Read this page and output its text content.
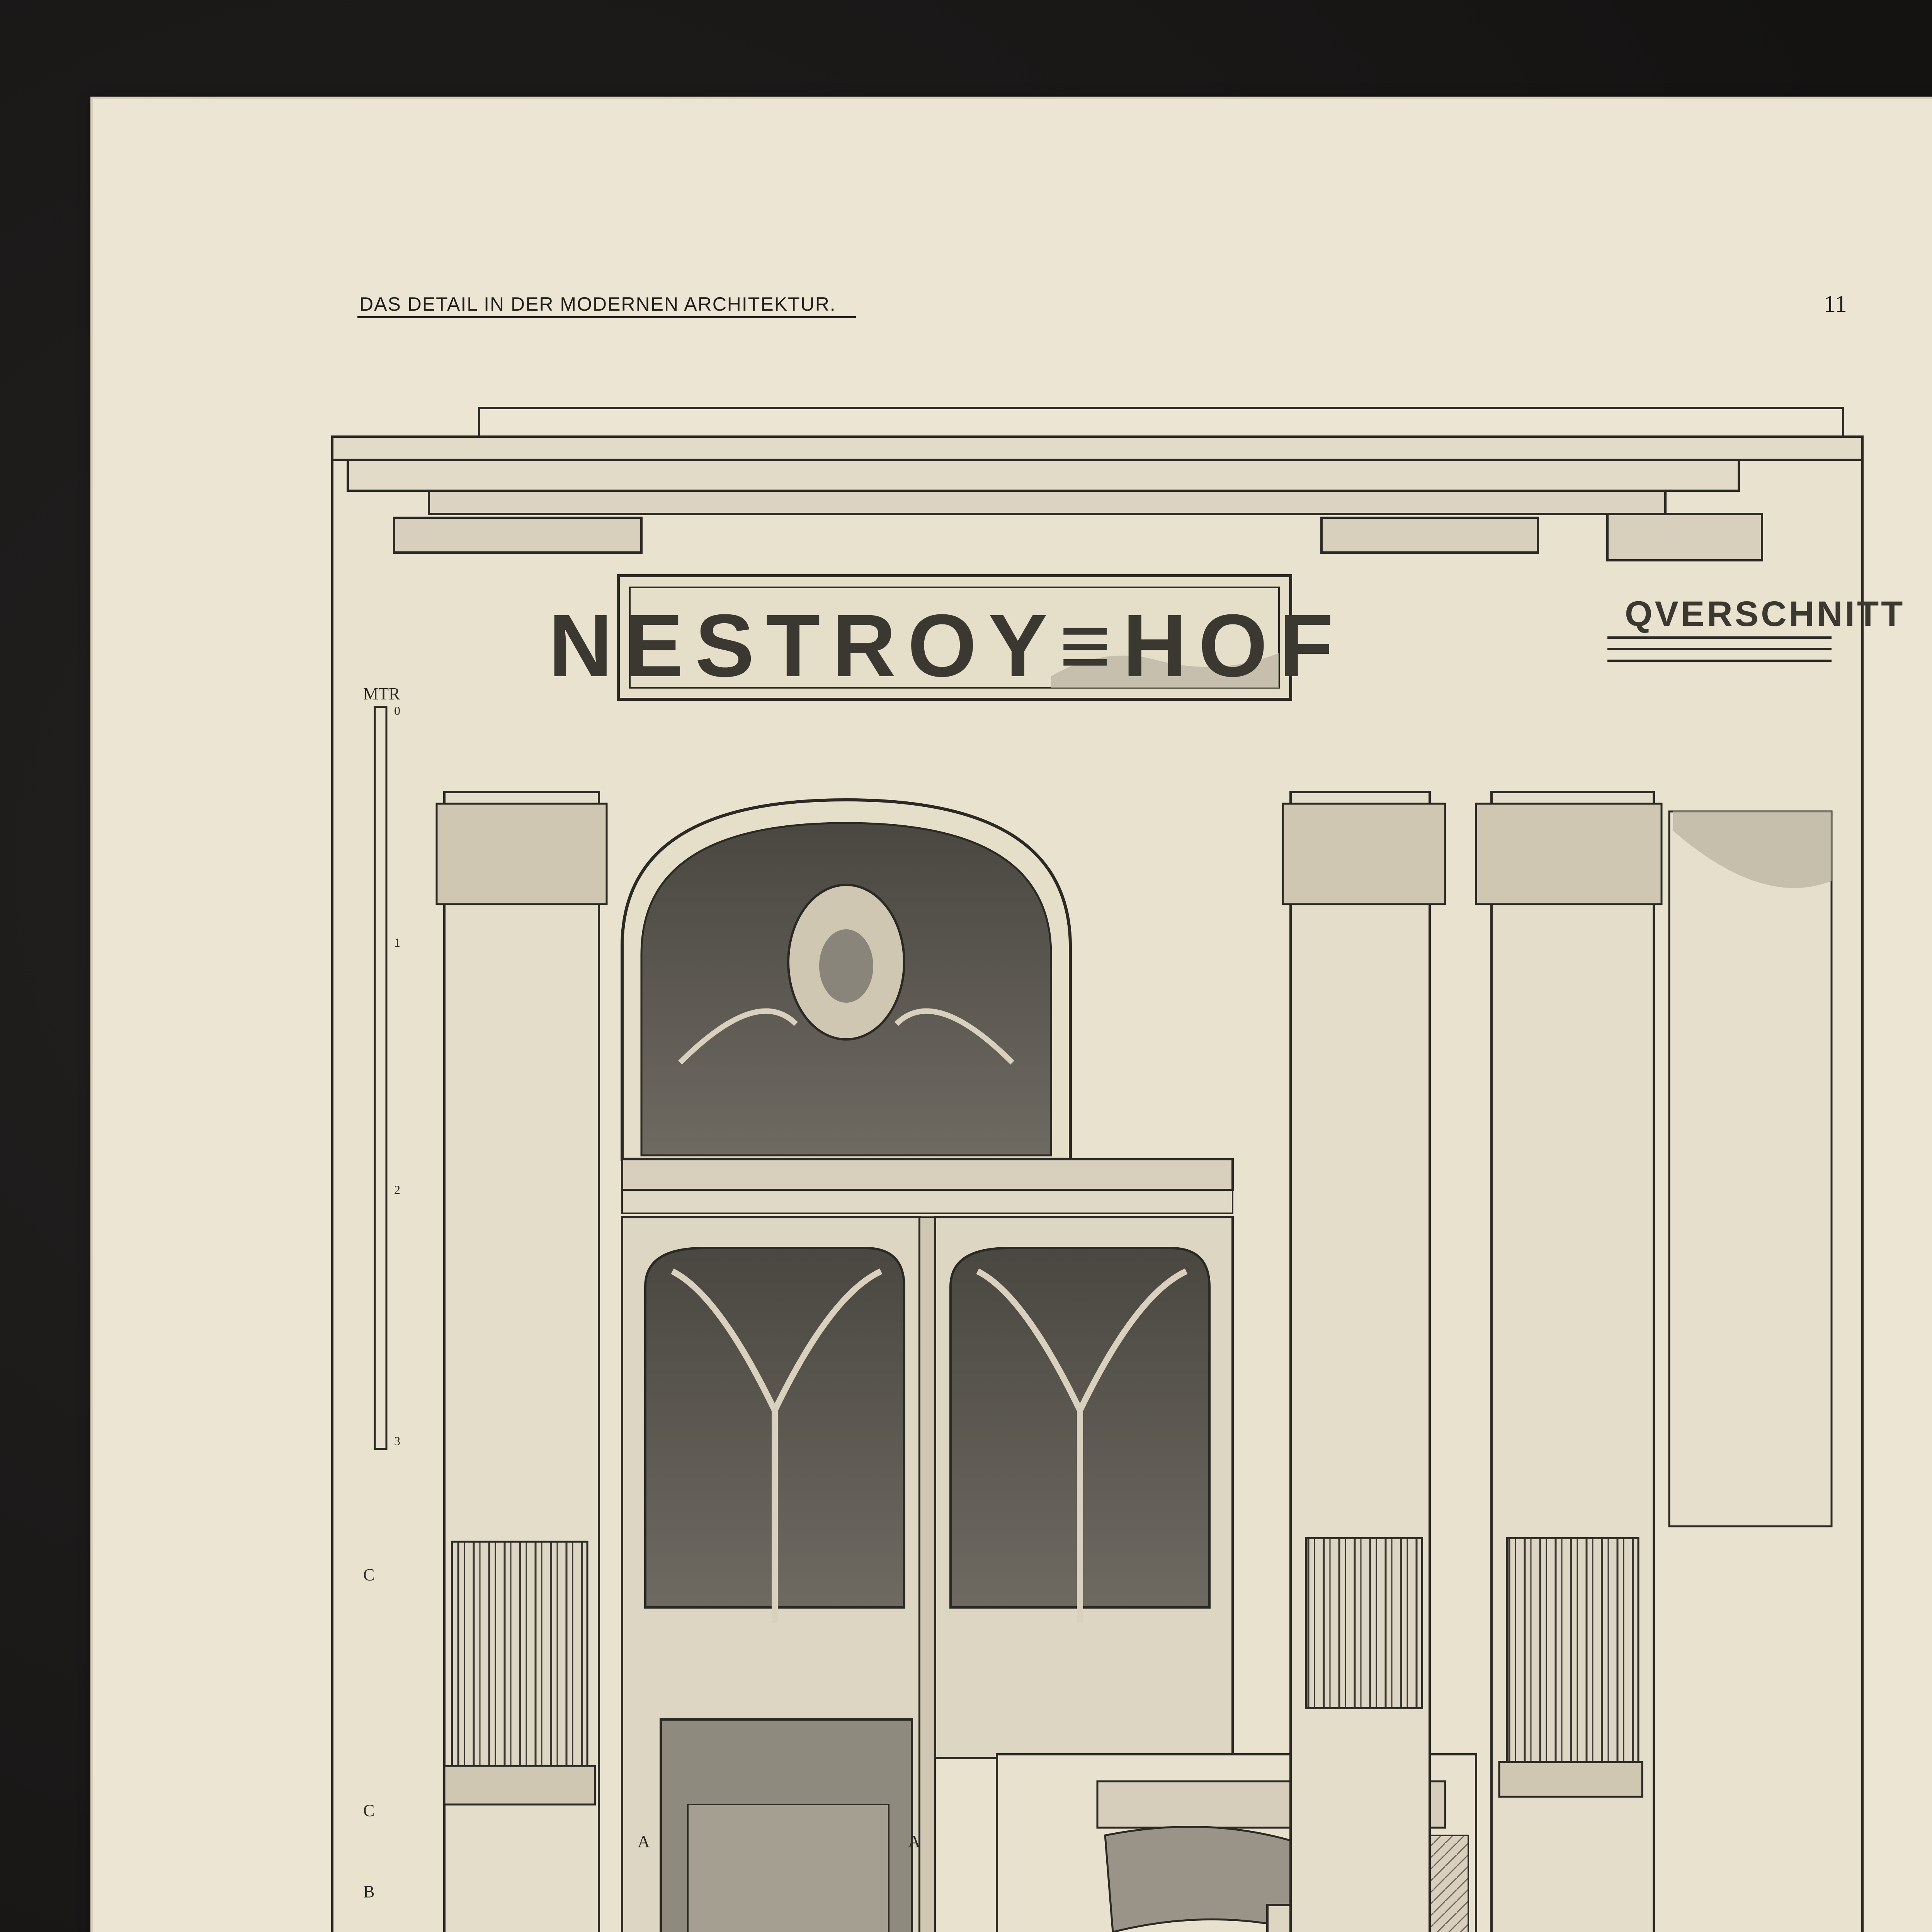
DAS DETAIL IN DER MODERNEN ARCHITEKTUR.	11
NESTROY≡HOF	QVERSCHNITT
MTR
0
1
2
3
A	A
B
C
C
